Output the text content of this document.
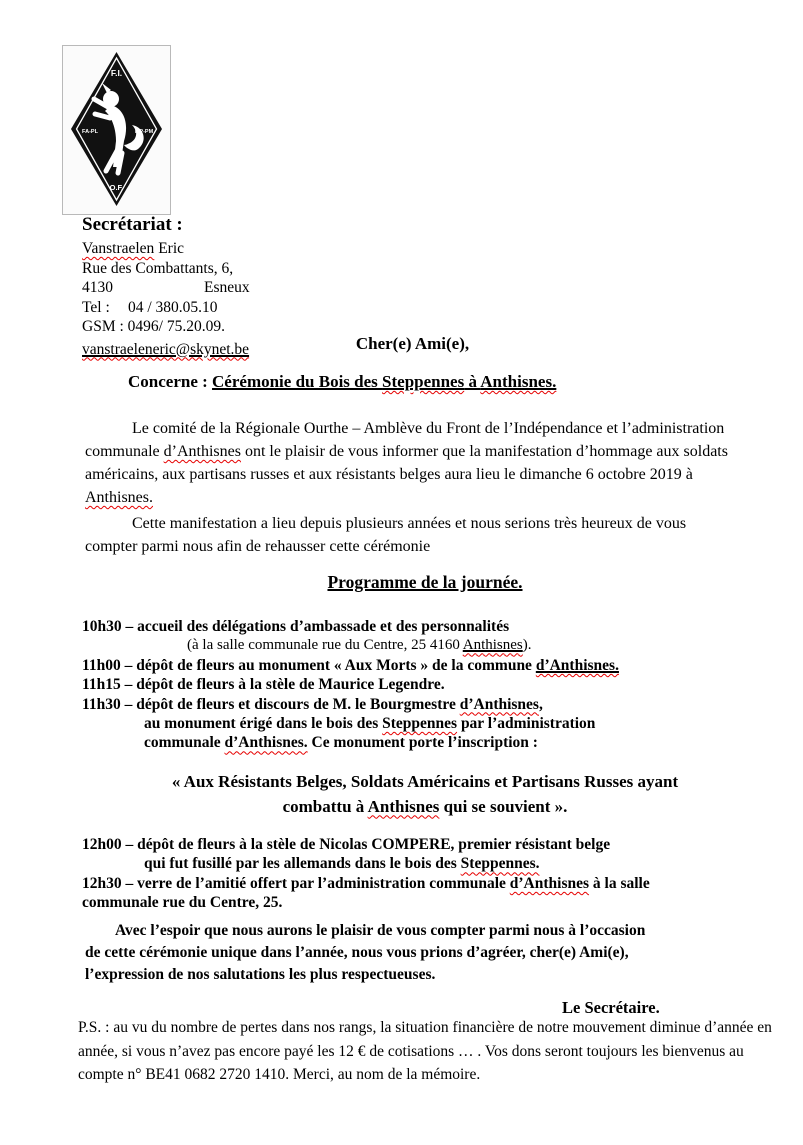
F.I.
FA-PL	MP-PM
O.F.
Secrétariat :
Vanstraelen Eric
Rue des Combattants, 6,
4130	Esneux
Tel : 04 / 380.05.10
GSM : 0496/ 75.20.09.
vanstraeleneric@skynet.be	Cher(e) Ami(e),
Concerne : Cérémonie du Bois des Steppennes à Anthisnes.
Le comité de la Régionale Ourthe – Amblève du Front de l’Indépendance et l’administration
communale d’Anthisnes ont le plaisir de vous informer que la manifestation d’hommage aux soldats
américains, aux partisans russes et aux résistants belges aura lieu le dimanche 6 octobre 2019 à
Anthisnes.
Cette manifestation a lieu depuis plusieurs années et nous serions très heureux de vous
compter parmi nous afin de rehausser cette cérémonie
Programme de la journée.
10h30 – accueil des délégations d’ambassade et des personnalités
(à la salle communale rue du Centre, 25 4160 Anthisnes).
11h00 – dépôt de fleurs au monument « Aux Morts » de la commune d’Anthisnes.
11h15 – dépôt de fleurs à la stèle de Maurice Legendre.
11h30 – dépôt de fleurs et discours de M. le Bourgmestre d’Anthisnes,
au monument érigé dans le bois des Steppennes par l’administration
communale d’Anthisnes. Ce monument porte l’inscription :
« Aux Résistants Belges, Soldats Américains et Partisans Russes ayant
combattu à Anthisnes qui se souvient ».
12h00 – dépôt de fleurs à la stèle de Nicolas COMPERE, premier résistant belge
qui fut fusillé par les allemands dans le bois des Steppennes.
12h30 – verre de l’amitié offert par l’administration communale d’Anthisnes à la salle
communale rue du Centre, 25.
Avec l’espoir que nous aurons le plaisir de vous compter parmi nous à l’occasion
de cette cérémonie unique dans l’année, nous vous prions d’agréer, cher(e) Ami(e),
l’expression de nos salutations les plus respectueuses.
Le Secrétaire.
P.S. : au vu du nombre de pertes dans nos rangs, la situation financière de notre mouvement diminue d’année en
année, si vous n’avez pas encore payé les 12 € de cotisations … . Vos dons seront toujours les bienvenus au
compte n° BE41 0682 2720 1410. Merci, au nom de la mémoire.
